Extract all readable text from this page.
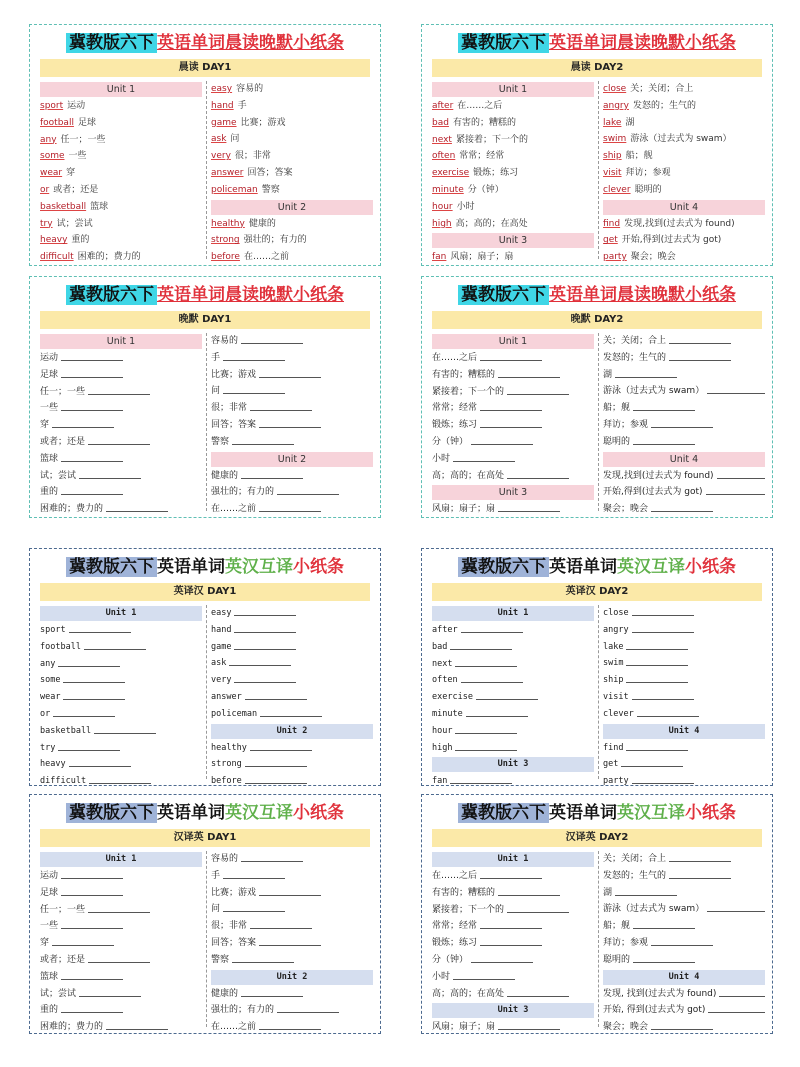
冀教版六下 英语单词晨读晚默小纸条
晨读 DAY1
Unit 1
sport 运动
football 足球
any 任一；一些
some 一些
wear 穿
or 或者；还是
basketball 篮球
try 试；尝试
heavy 重的
difficult 困难的；费力的
easy 容易的
hand 手
game 比赛；游戏
ask 问
very 很；非常
answer 回答；答案
policeman 警察
Unit 2
healthy 健康的
strong 强壮的；有力的
before 在……之前
冀教版六下 英语单词晨读晚默小纸条
晨读 DAY2
Unit 1
after 在……之后
bad 有害的；糟糕的
next 紧接着；下一个的
often 常常；经常
exercise 锻炼；练习
minute 分（钟）
hour 小时
high 高；高的；在高处
Unit 3
fan 风扇；扇子；扇
close 关；关闭；合上
angry 发怒的；生气的
lake 湖
swim 游泳（过去式为 swam）
ship 船；舰
visit 拜访；参观
clever 聪明的
Unit 4
find 发现,找到(过去式为 found)
get 开始,得到(过去式为 got)
party 聚会；晚会
冀教版六下 英语单词晨读晚默小纸条
晚默 DAY1
Unit 1
运动
足球
任一；一些
一些
穿
或者；还是
篮球
试；尝试
重的
困难的；费力的
容易的
手
比赛；游戏
问
很；非常
回答；答案
警察
Unit 2
健康的
强壮的；有力的
在……之前
冀教版六下 英语单词晨读晚默小纸条
晚默 DAY2
Unit 1
在……之后
有害的；糟糕的
紧接着；下一个的
常常；经常
锻炼；练习
分（钟）
小时
高；高的；在高处
Unit 3
风扇；扇子；扇
关；关闭；合上
发怒的；生气的
湖
游泳（过去式为 swam）
船；舰
拜访；参观
聪明的
Unit 4
发现,找到(过去式为 found)
开始,得到(过去式为 got)
聚会；晚会
冀教版六下 英语单词英汉互译小纸条
英译汉 DAY1
Unit 1
sport
football
any
some
wear
or
basketball
try
heavy
difficult
easy
hand
game
ask
very
answer
policeman
Unit 2
healthy
strong
before
冀教版六下 英语单词英汉互译小纸条
英译汉 DAY2
Unit 1
after
bad
next
often
exercise
minute
hour
high
Unit 3
fan
close
angry
lake
swim
ship
visit
clever
Unit 4
find
get
party
冀教版六下 英语单词英汉互译小纸条
汉译英 DAY1
Unit 1
运动
足球
任一；一些
一些
穿
或者；还是
篮球
试；尝试
重的
困难的；费力的
容易的
手
比赛；游戏
问
很；非常
回答；答案
警察
Unit 2
健康的
强壮的；有力的
在……之前
冀教版六下 英语单词英汉互译小纸条
汉译英 DAY2
Unit 1
在……之后
有害的；糟糕的
紧接着；下一个的
常常；经常
锻炼；练习
分（钟）
小时
高；高的；在高处
Unit 3
风扇；扇子；扇
关；关闭；合上
发怒的；生气的
湖
游泳（过去式为 swam）
船；舰
拜访；参观
聪明的
Unit 4
发现, 找到(过去式为 found)
开始, 得到(过去式为 got)
聚会；晚会
